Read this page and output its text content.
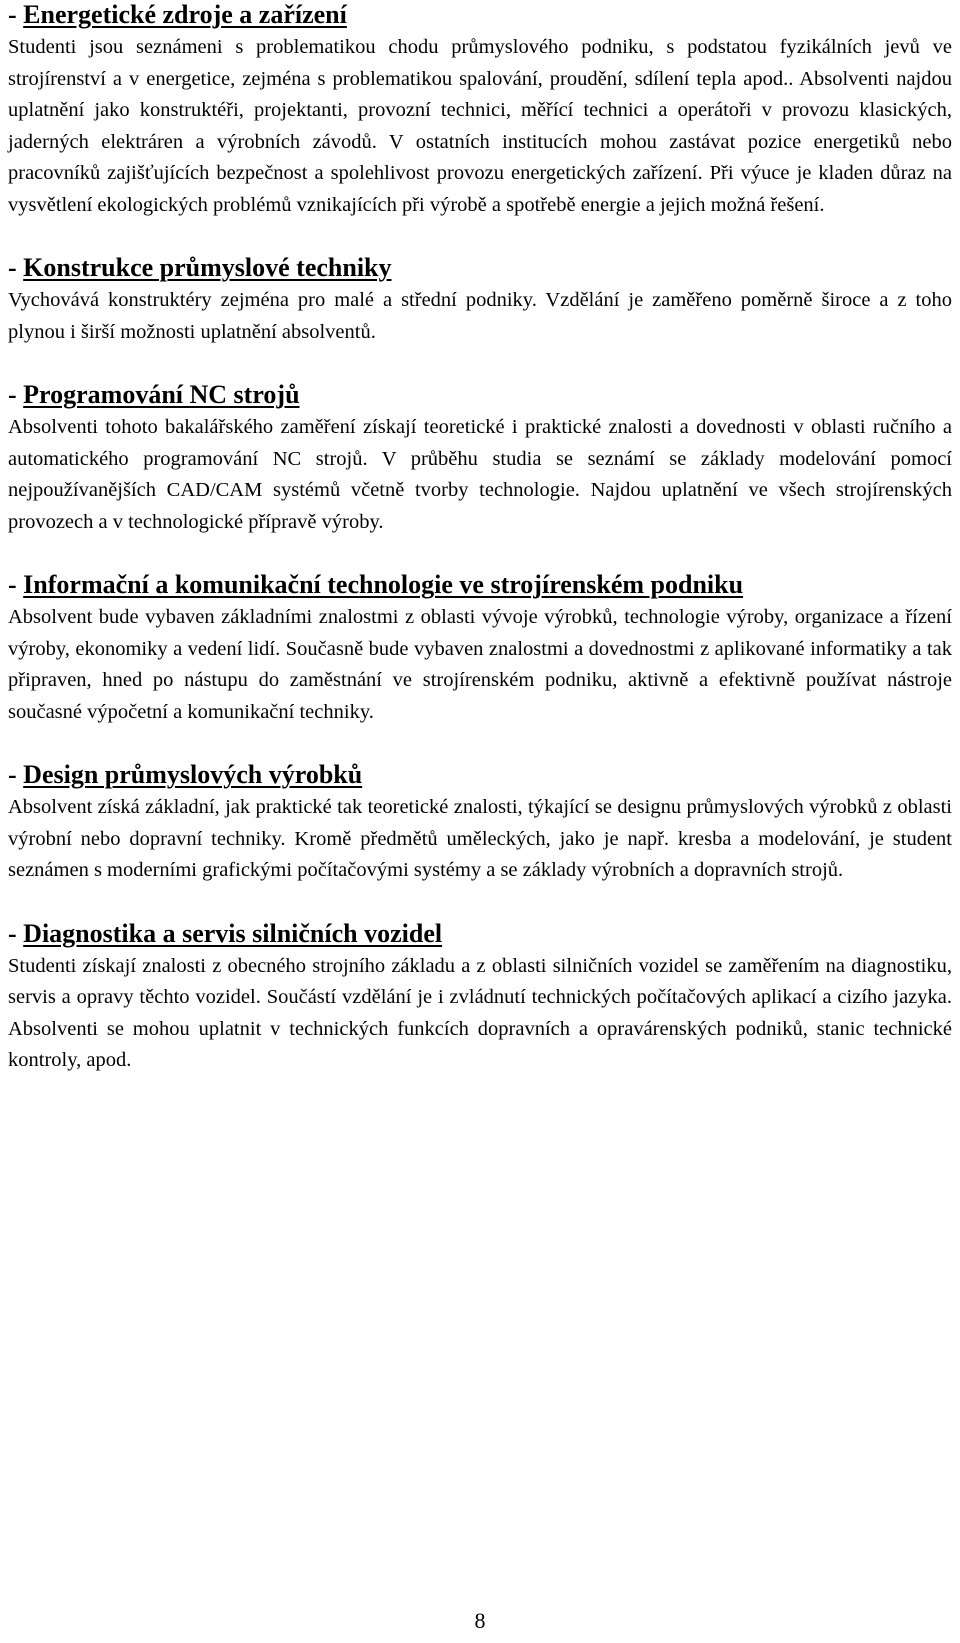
- Energetické zdroje a zařízení

Studenti jsou seznámeni s problematikou chodu průmyslového podniku, s podstatou fyzikálních jevů ve strojírenství a v energetice, zejména s problematikou spalování, proudění, sdílení tepla apod.. Absolventi najdou uplatnění jako konstruktéři, projektanti, provozní technici, měřící technici a operátoři v provozu klasických, jaderných elektráren a výrobních závodů. V ostatních institucích mohou zastávat pozice energetiků nebo pracovníků zajišťujících bezpečnost a spolehlivost provozu energetických zařízení. Při výuce je kladen důraz na vysvětlení ekologických problémů vznikajících při výrobě a spotřebě energie a jejich možná řešení.

- Konstrukce průmyslové techniky

Vychovává konstruktéry zejména pro malé a střední podniky. Vzdělání je zaměřeno poměrně široce a z toho plynou i širší možnosti uplatnění absolventů.

- Programování NC strojů

Absolventi tohoto bakalářského zaměření získají teoretické i praktické znalosti a dovednosti v oblasti ručního a automatického programování NC strojů. V průběhu studia se seznámí se základy modelování pomocí nejpoužívanějších CAD/CAM systémů včetně tvorby technologie. Najdou uplatnění ve všech strojírenských provozech a v technologické přípravě výroby.

- Informační a komunikační technologie ve strojírenském podniku

Absolvent bude vybaven základními znalostmi z oblasti vývoje výrobků, technologie výroby, organizace a řízení výroby, ekonomiky a vedení lidí. Současně bude vybaven znalostmi a dovednostmi z aplikované informatiky a tak připraven, hned po nástupu do zaměstnání ve strojírenském podniku, aktivně a efektivně používat nástroje současné výpočetní a komunikační techniky.

- Design průmyslových výrobků

Absolvent získá základní, jak praktické tak teoretické znalosti, týkající se designu průmyslových výrobků z oblasti výrobní nebo dopravní techniky. Kromě předmětů uměleckých, jako je např. kresba a modelování, je student seznámen s moderními grafickými počítačovými systémy a se základy výrobních a dopravních strojů.

- Diagnostika a servis silničních vozidel

Studenti získají znalosti z obecného strojního základu a z oblasti silničních vozidel se zaměřením na diagnostiku, servis a opravy těchto vozidel. Součástí vzdělání je i zvládnutí technických počítačových aplikací a cizího jazyka. Absolventi se mohou uplatnit v technických funkcích dopravních a opravárenských podniků, stanic technické kontroly, apod.

8
